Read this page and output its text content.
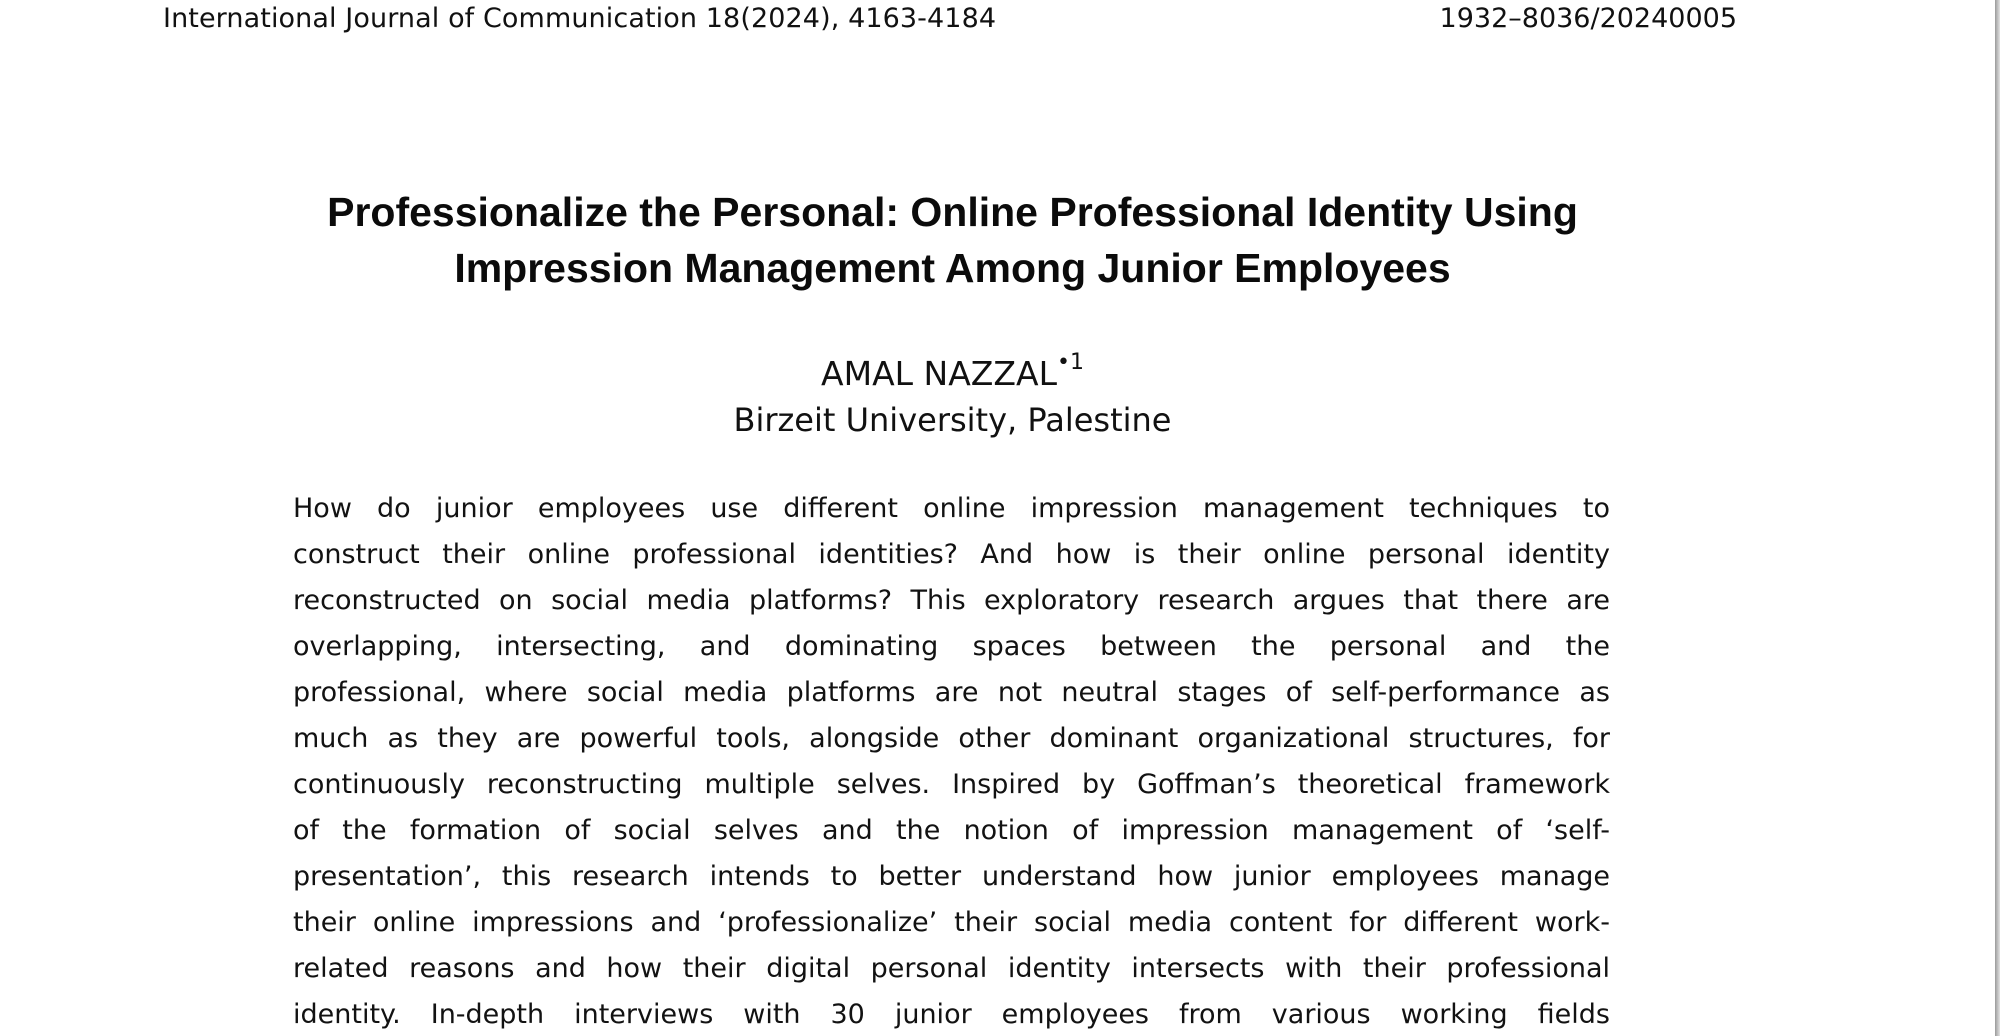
International Journal of Communication 18(2024), 4163-4184	1932–8036/20240005
Professionalize the Personal: Online Professional Identity Using
Impression Management Among Junior Employees
AMAL $NAZZAL^{•1}$
Birzeit University, Palestine
How do junior employees use different online impression management techniques to
construct their online professional identities? And how is their online personal identity
reconstructed on social media platforms? This exploratory research argues that there are
overlapping, intersecting, and dominating spaces between the personal and the
professional, where social media platforms are not neutral stages of self-performance as
much as they are powerful tools, alongside other dominant organizational structures, for
continuously reconstructing multiple selves. Inspired by Goffman’s theoretical framework
of the formation of social selves and the notion of impression management of ‘self-
presentation’, this research intends to better understand how junior employees manage
their online impressions and ‘professionalize’ their social media content for different work-
related reasons and how their digital personal identity intersects with their professional
identity. In-depth interviews with 30 junior employees from various working fields
